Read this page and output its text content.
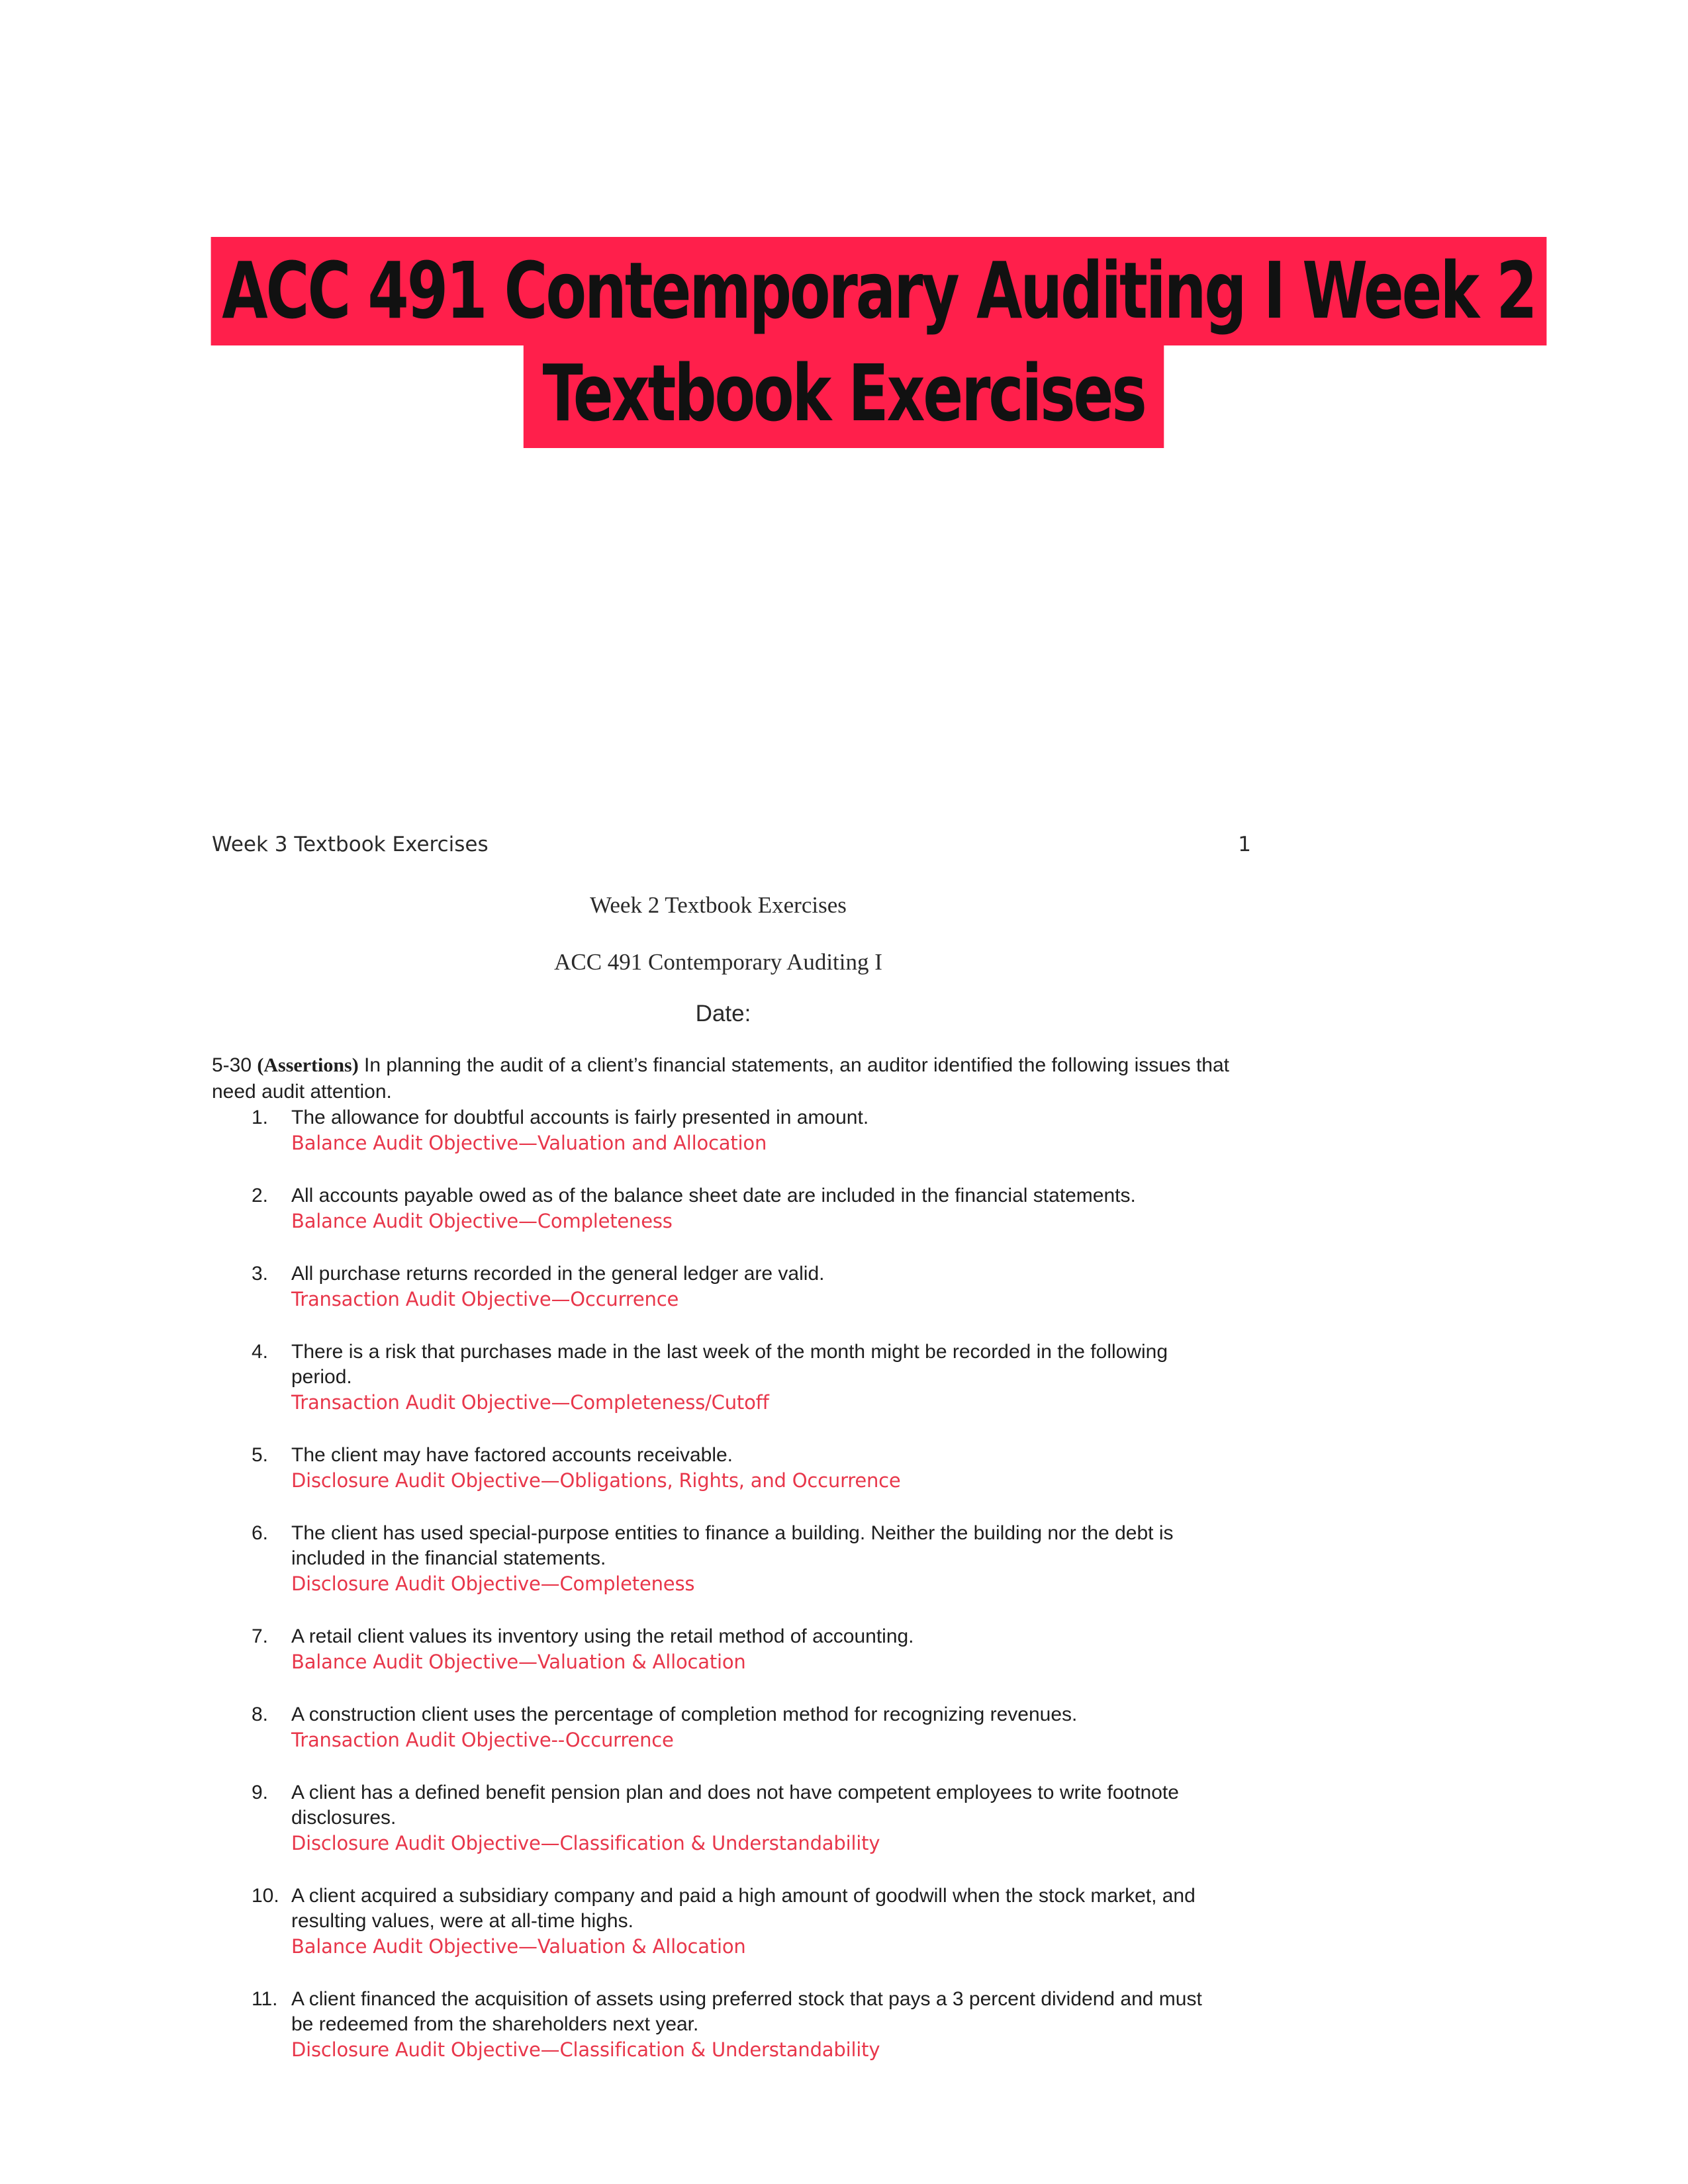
ACC 491 Contemporary Auditing I Week 2
Textbook Exercises
Week 3 Textbook Exercises	1
Week 2 Textbook Exercises
ACC 491 Contemporary Auditing I
Date:
5-30 (Assertions) In planning the audit of a client’s financial statements, an auditor identified the following issues that need audit attention.
1.	The allowance for doubtful accounts is fairly presented in amount.
Balance Audit Objective—Valuation and Allocation
2.	All accounts payable owed as of the balance sheet date are included in the financial statements.
Balance Audit Objective—Completeness
3.	All purchase returns recorded in the general ledger are valid.
Transaction Audit Objective—Occurrence
4.	There is a risk that purchases made in the last week of the month might be recorded in the following period.
Transaction Audit Objective—Completeness/Cutoff
5.	The client may have factored accounts receivable.
Disclosure Audit Objective—Obligations, Rights, and Occurrence
6.	The client has used special-purpose entities to finance a building. Neither the building nor the debt is included in the financial statements.
Disclosure Audit Objective—Completeness
7.	A retail client values its inventory using the retail method of accounting.
Balance Audit Objective—Valuation & Allocation
8.	A construction client uses the percentage of completion method for recognizing revenues.
Transaction Audit Objective--Occurrence
9.	A client has a defined benefit pension plan and does not have competent employees to write footnote disclosures.
Disclosure Audit Objective—Classification & Understandability
10. A client acquired a subsidiary company and paid a high amount of goodwill when the stock market, and resulting values, were at all-time highs.
Balance Audit Objective—Valuation & Allocation
11. A client financed the acquisition of assets using preferred stock that pays a 3 percent dividend and must be redeemed from the shareholders next year.
Disclosure Audit Objective—Classification & Understandability
